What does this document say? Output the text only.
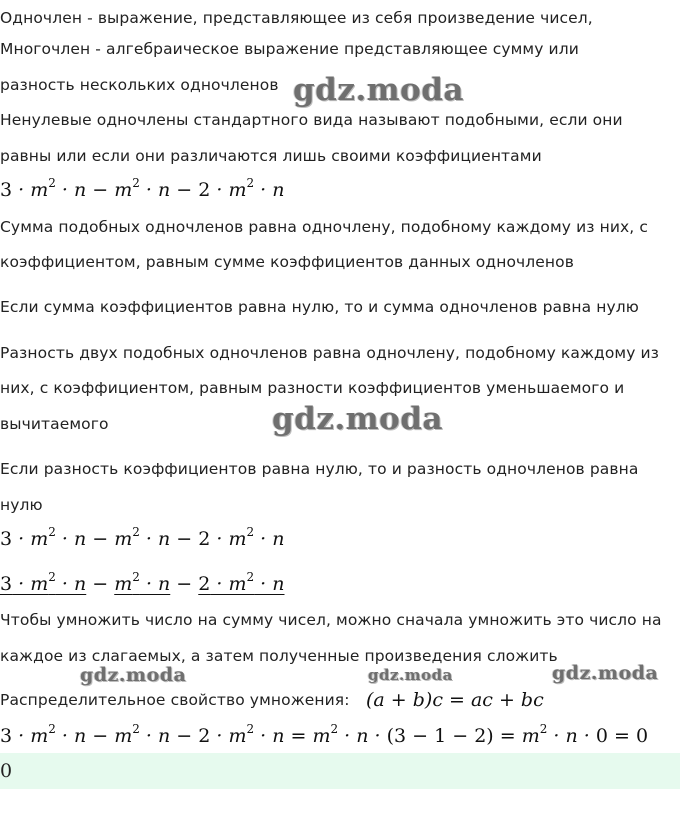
Одночлен - выражение, представляющее из себя произведение чисел,
Многочлен - алгебраическое выражение представляющее сумму или
разность нескольких одночленов
Ненулевые одночлены стандартного вида называют подобными, если они
равны или если они различаются лишь своими коэффициентами
$3 \cdot m^2 \cdot n - m^2 \cdot n - 2 \cdot m^2 \cdot n$
Сумма подобных одночленов равна одночлену, подобному каждому из них, с
коэффициентом, равным сумме коэффициентов данных одночленов
Если сумма коэффициентов равна нулю, то и сумма одночленов равна нулю
Разность двух подобных одночленов равна одночлену, подобному каждому из
них, с коэффициентом, равным разности коэффициентов уменьшаемого и
вычитаемого
Если разность коэффициентов равна нулю, то и разность одночленов равна
нулю
$3 \cdot m^2 \cdot n - m^2 \cdot n - 2 \cdot m^2 \cdot n$
$3 \cdot m^2 \cdot n - m^2 \cdot n - 2 \cdot m^2 \cdot n$
Чтобы умножить число на сумму чисел, можно сначала умножить это число на
каждое из слагаемых, а затем полученные произведения сложить
Распределительное свойство умножения: (a + b)c = ac + bc
$3 \cdot m^2 \cdot n - m^2 \cdot n - 2 \cdot m^2 \cdot n = m^2 \cdot n \cdot (3 - 1 - 2) = m^2 \cdot n \cdot 0 = 0$
0
gdz.moda
gdz.moda
gdz.moda	gdz.moda	gdz.moda
